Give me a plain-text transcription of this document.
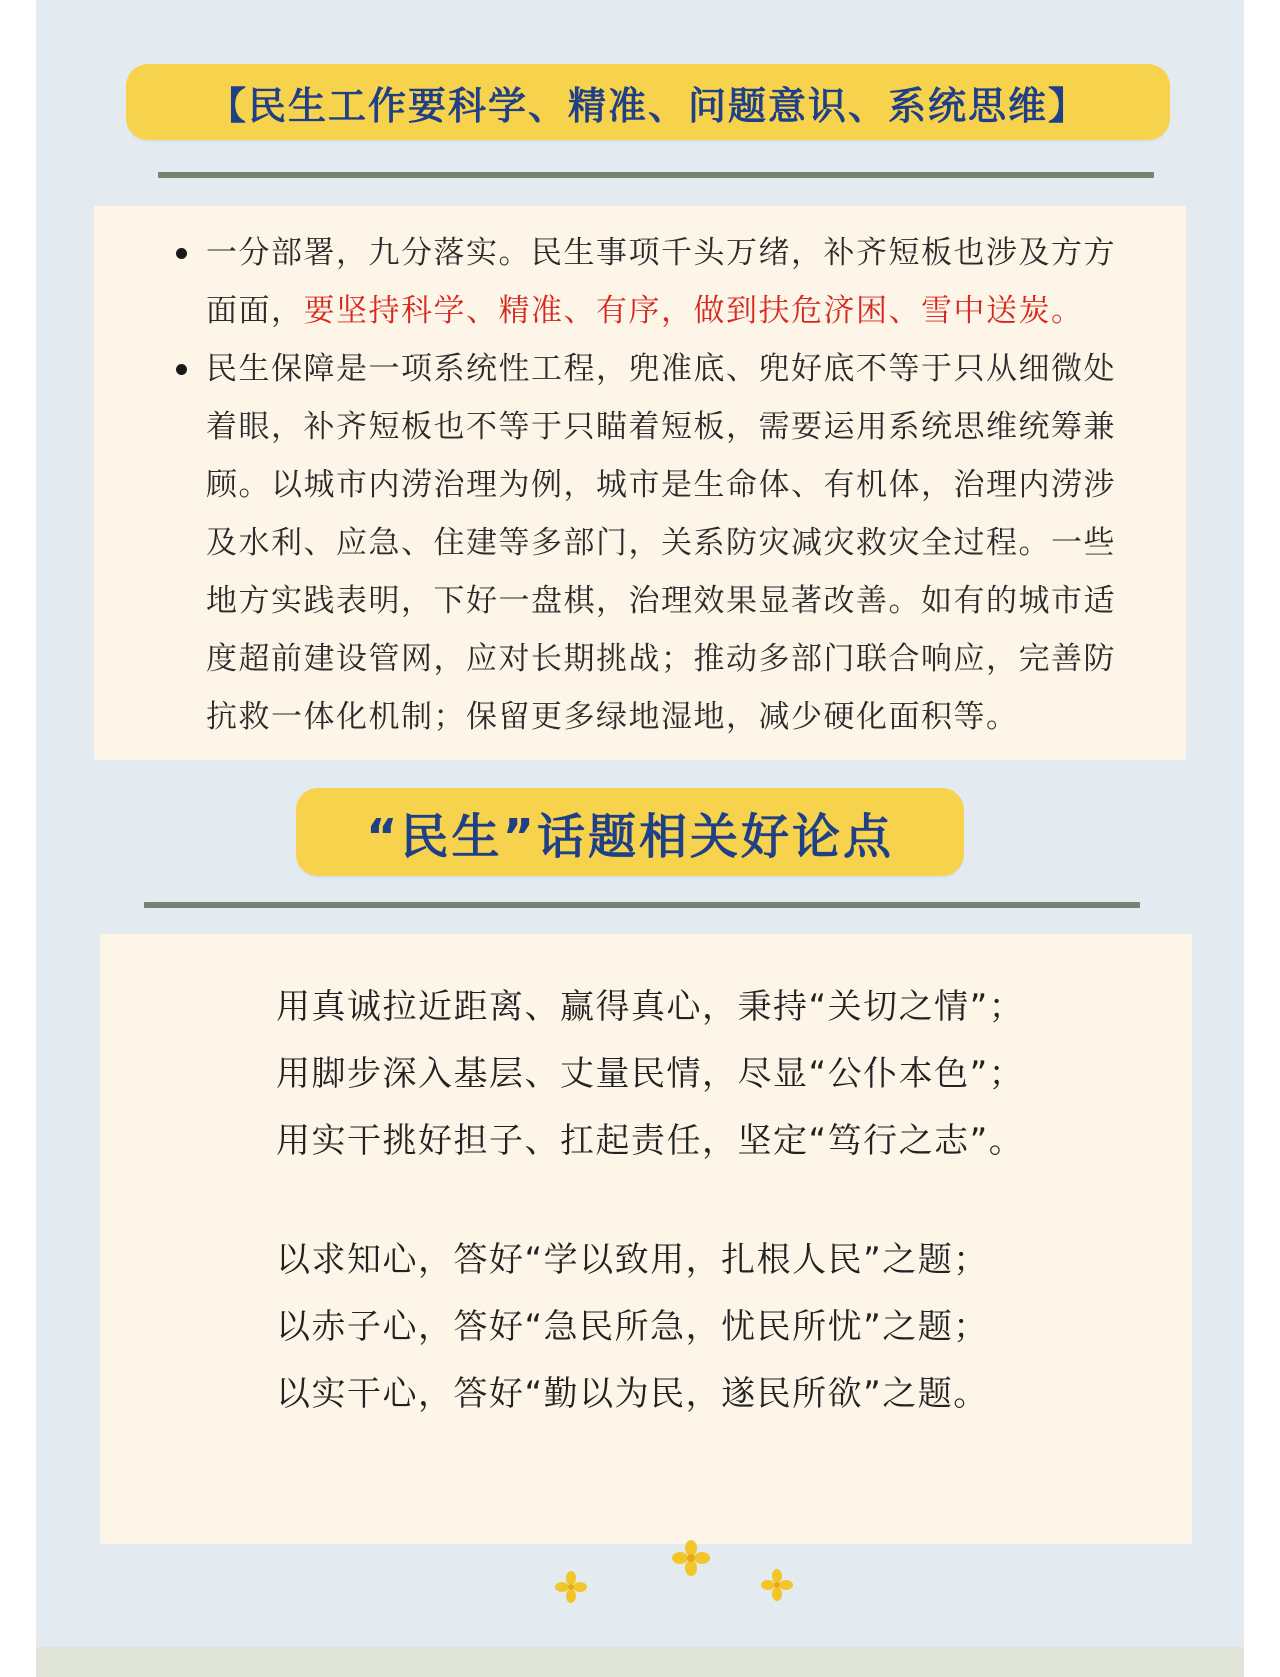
【民生工作要科学、精准、问题意识、系统思维】
一分部署，九分落实。民生事项千头万绪，补齐短板也涉及方方面面，要坚持科学、精准、有序，做到扶危济困、雪中送炭。
民生保障是一项系统性工程，兜准底、兜好底不等于只从细微处着眼，补齐短板也不等于只瞄着短板，需要运用系统思维统筹兼顾。以城市内涝治理为例，城市是生命体、有机体，治理内涝涉及水利、应急、住建等多部门，关系防灾减灾救灾全过程。一些地方实践表明，下好一盘棋，治理效果显著改善。如有的城市适度超前建设管网，应对长期挑战；推动多部门联合响应，完善防抗救一体化机制；保留更多绿地湿地，减少硬化面积等。
“民生”话题相关好论点
用真诚拉近距离、赢得真心，秉持“关切之情”；
用脚步深入基层、丈量民情，尽显“公仆本色”；
用实干挑好担子、扛起责任，坚定“笃行之志”。
以求知心，答好“学以致用，扎根人民”之题；
以赤子心，答好“急民所急，忧民所忧”之题；
以实干心，答好“勤以为民，遂民所欲”之题。
